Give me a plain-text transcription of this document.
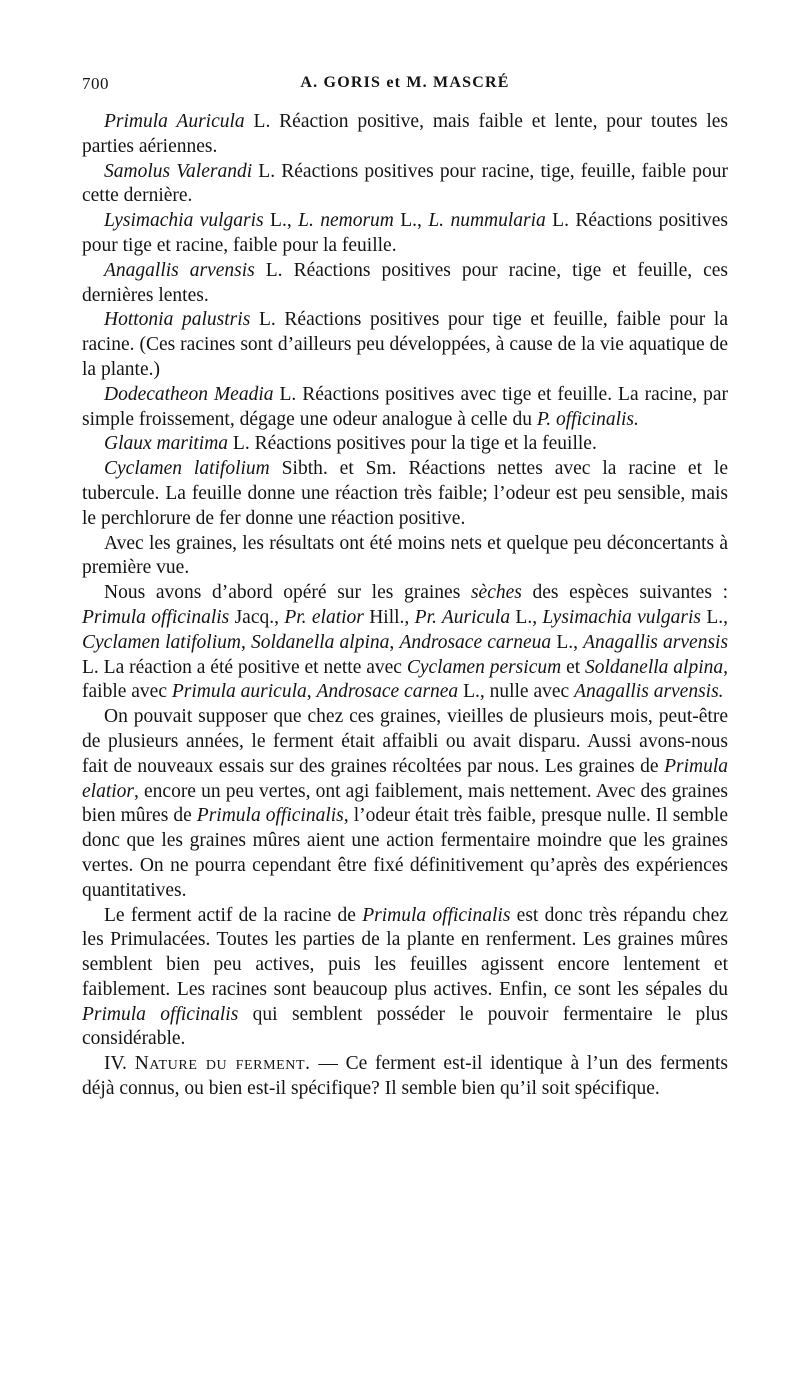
700	A. GORIS et M. MASCRÉ

Primula Auricula L. Réaction positive, mais faible et lente, pour toutes les parties aériennes.

Samolus Valerandi L. Réactions positives pour racine, tige, feuille, faible pour cette dernière.

Lysimachia vulgaris L., L. nemorum L., L. nummularia L. Réactions positives pour tige et racine, faible pour la feuille.

Anagallis arvensis L. Réactions positives pour racine, tige et feuille, ces dernières lentes.

Hottonia palustris L. Réactions positives pour tige et feuille, faible pour la racine. (Ces racines sont d’ailleurs peu développées, à cause de la vie aquatique de la plante.)

Dodecatheon Meadia L. Réactions positives avec tige et feuille. La racine, par simple froissement, dégage une odeur analogue à celle du P. officinalis.

Glaux maritima L. Réactions positives pour la tige et la feuille.

Cyclamen latifolium Sibth. et Sm. Réactions nettes avec la racine et le tubercule. La feuille donne une réaction très faible; l’odeur est peu sensible, mais le perchlorure de fer donne une réaction positive.

Avec les graines, les résultats ont été moins nets et quelque peu déconcertants à première vue.

Nous avons d’abord opéré sur les graines sèches des espèces suivantes : Primula officinalis Jacq., Pr. elatior Hill., Pr. Auricula L., Lysimachia vulgaris L., Cyclamen latifolium, Soldanella alpina, Androsace carneua L., Anagallis arvensis L. La réaction a été positive et nette avec Cyclamen persicum et Soldanella alpina, faible avec Primula auricula, Androsace carnea L., nulle avec Anagallis arvensis.

On pouvait supposer que chez ces graines, vieilles de plusieurs mois, peut-être de plusieurs années, le ferment était affaibli ou avait disparu. Aussi avons-nous fait de nouveaux essais sur des graines récoltées par nous. Les graines de Primula elatior, encore un peu vertes, ont agi faiblement, mais nettement. Avec des graines bien mûres de Primula officinalis, l’odeur était très faible, presque nulle. Il semble donc que les graines mûres aient une action fermentaire moindre que les graines vertes. On ne pourra cependant être fixé définitivement qu’après des expériences quantitatives.

Le ferment actif de la racine de Primula officinalis est donc très répandu chez les Primulacées. Toutes les parties de la plante en renferment. Les graines mûres semblent bien peu actives, puis les feuilles agissent encore lentement et faiblement. Les racines sont beaucoup plus actives. Enfin, ce sont les sépales du Primula officinalis qui semblent posséder le pouvoir fermentaire le plus considérable.

IV. Nature du ferment. — Ce ferment est-il identique à l’un des ferments déjà connus, ou bien est-il spécifique? Il semble bien qu’il soit spécifique.
